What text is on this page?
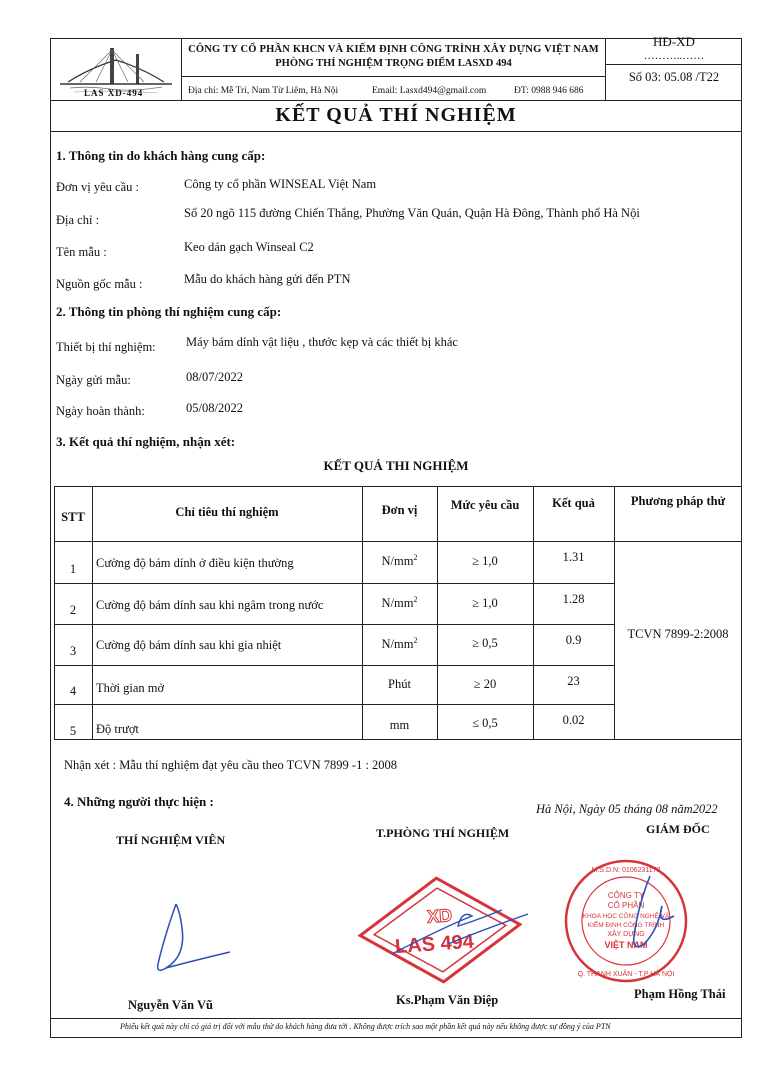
LAS XD-494
CÔNG TY CỔ PHẦN KHCN VÀ KIỂM ĐỊNH CÔNG TRÌNH XÂY DỰNG VIỆT NAM
PHÒNG THÍ NGHIỆM TRỌNG ĐIỂM LASXD 494
Địa chỉ: Mễ Trì, Nam Từ Liêm, Hà Nội	Email: Lasxd494@gmail.com	ĐT: 0988 946 686
HĐ-XD
………..……
Số 03: 05.08 /T22
KẾT QUẢ THÍ NGHIỆM
1. Thông tin do khách hàng cung cấp:
Đơn vị yêu cầu :	Công ty cổ phần WINSEAL Việt Nam
Địa chỉ :	Số 20 ngõ 115 đường Chiến Thắng, Phường Văn Quán, Quận Hà Đông, Thành phố Hà Nội
Tên mẫu :	Keo dán gạch Winseal C2
Nguồn gốc mẫu :	Mẫu do khách hàng gửi đến PTN
2. Thông tin phòng thí nghiệm cung cấp:
Thiết bị thí nghiệm: Máy bám dính vật liệu , thước kẹp và các thiết bị khác
Ngày gửi mẫu:	08/07/2022
Ngày hoàn thành:	05/08/2022
3. Kết quả thí nghiệm, nhận xét:
KẾT QUẢ THI NGHIỆM
STT	Chỉ tiêu thí nghiệm	Đơn vị	Mức yêu cầu	Kết quả	Phương pháp thử
1	Cường độ bám dính ở điều kiện thường	$N/mm^2$	≥ 1,0	1.31
2	Cường độ bám dính sau khi ngâm trong nước	$N/mm^2$	≥ 1,0	1.28
3	Cường độ bám dính sau khi gia nhiệt	$N/mm^2$	≥ 0,5	0.9
4	Thời gian mở	Phút	≥ 20	23
5	Độ trượt	mm	≤ 0,5	0.02
TCVN 7899-2:2008
Nhận xét : Mẫu thí nghiệm đạt yêu cầu theo TCVN 7899 -1 : 2008
4. Những người thực hiện :	Hà Nội, Ngày 05 tháng 08 năm2022
THÍ NGHIỆM VIÊN	T.PHÒNG THÍ NGHIỆM	GIÁM ĐỐC
XD
LAS 494
CÔNG TY
CỔ PHẦN
KHOA HỌC CÔNG NGHỆ VÀ
KIỂM ĐỊNH CÔNG TRÌNH
XÂY DỰNG
VIỆT NAM
M.S.D.N: 0106231173
Q. THANH XUÂN - T.P HÀ NỘI
Nguyễn Văn Vũ	Ks.Phạm Văn Điệp	Phạm Hồng Thái
Phiếu kết quả này chỉ có giá trị đối với mẫu thử do khách hàng đưa tới . Không được trích sao một phần kết quả này nếu không được sự đồng ý của PTN
